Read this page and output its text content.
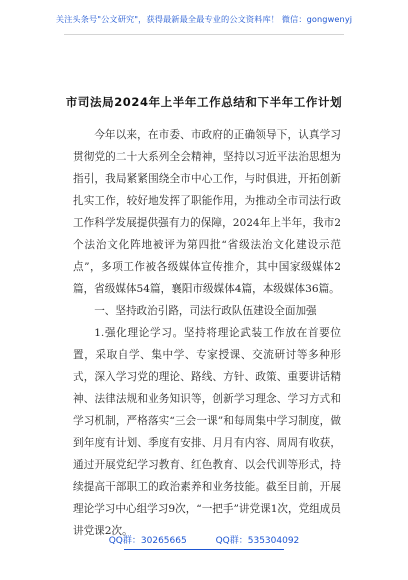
关注头条号"公文研究"，获得最新最全最专业的公文资料库！ 微信：gongwenyj
市司法局2024年上半年工作总结和下半年工作计划

今年以来，在市委、市政府的正确领导下，认真学习贯彻党的二十大系列全会精神，坚持以习近平法治思想为指引，我局紧紧围绕全市中心工作，与时俱进，开拓创新扎实工作，较好地发挥了职能作用，为推动全市司法行政工作科学发展提供强有力的保障，2024年上半年，我市2个法治文化阵地被评为第四批“省级法治文化建设示范点”，多项工作被各级媒体宣传推介，其中国家级媒体2篇，省级媒体54篇，襄阳市级媒体4篇，本级媒体36篇。

一、坚持政治引路，司法行政队伍建设全面加强

1.强化理论学习。坚持将理论武装工作放在首要位置，采取自学、集中学、专家授课、交流研讨等多种形式，深入学习党的理论、路线、方针、政策、重要讲话精神、法律法规和业务知识等，创新学习理念、学习方式和学习机制，严格落实“三会一课”和每周集中学习制度，做到年度有计划、季度有安排、月月有内容、周周有收获，通过开展党纪学习教育、红色教育、以会代训等形式，持续提高干部职工的政治素养和业务技能。截至目前，开展理论学习中心组学习9次，“一把手”讲党课1次，党组成员讲党课2次。

QQ群：30265665	QQ群：535304092
